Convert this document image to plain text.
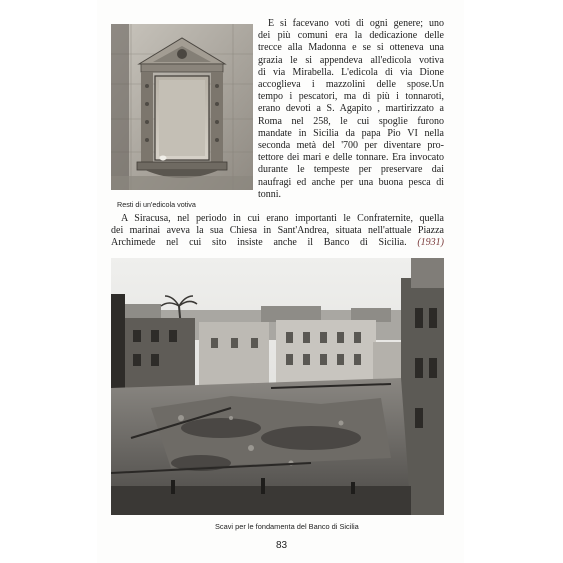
Resti di un'edicola votiva
E si facevano voti di ogni genere; uno
dei più comuni era la dedicazione delle
trecce alla Madonna e se si otteneva una
grazia le si appendeva all'edicola votiva
di via Mirabella. L'edicola di via Dione
accoglieva i mazzolini delle spose.Un
tempo i pescatori, ma di più i tonnaroti,
erano devoti a S. Agapito , martirizzato a
Roma nel 258, le cui spoglie furono
mandate in Sicilia da papa Pio VI nella
seconda metà del '700 per diventare pro-
tettore dei mari e delle tonnare. Era invocato
durante le tempeste per preservare dai
naufragi ed anche per una buona pesca di
tonni.
A Siracusa, nel periodo in cui erano importanti le Confraternite, quella
dei marinai aveva la sua Chiesa in Sant'Andrea, situata nell'attuale Piazza
Archimede nel cui sito insiste anche il Banco di Sicilia. (1931)
Scavi per le fondamenta del Banco di Sicilia
83
